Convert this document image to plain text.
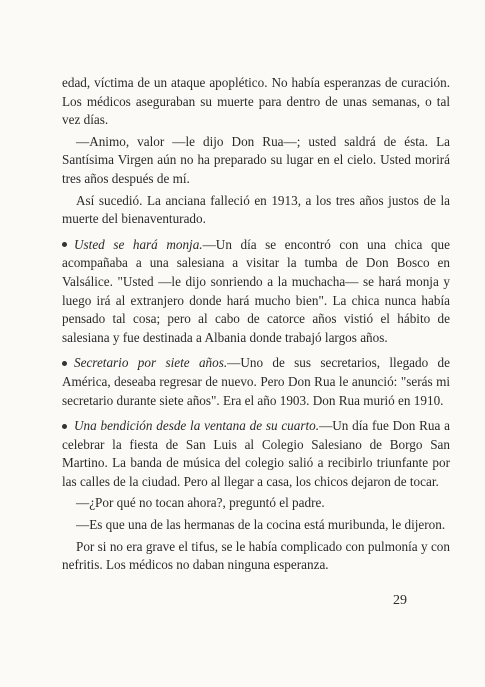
edad, víctima de un ataque apoplético. No había esperanzas de curación. Los médicos aseguraban su muerte para dentro de unas semanas, o tal vez días.

—Animo, valor —le dijo Don Rua—; usted saldrá de ésta. La Santísima Virgen aún no ha preparado su lugar en el cielo. Usted morirá tres años después de mí.

Así sucedió. La anciana falleció en 1913, a los tres años justos de la muerte del bienaventurado.

Usted se hará monja.—Un día se encontró con una chica que acompañaba a una salesiana a visitar la tumba de Don Bosco en Valsálice. "Usted —le dijo sonriendo a la muchacha— se hará monja y luego irá al extranjero donde hará mucho bien". La chica nunca había pensado tal cosa; pero al cabo de catorce años vistió el hábito de salesiana y fue destinada a Albania donde trabajó largos años.

Secretario por siete años.—Uno de sus secretarios, llegado de América, deseaba regresar de nuevo. Pero Don Rua le anunció: "serás mi secretario durante siete años". Era el año 1903. Don Rua murió en 1910.

Una bendición desde la ventana de su cuarto.—Un día fue Don Rua a celebrar la fiesta de San Luis al Colegio Salesiano de Borgo San Martino. La banda de música del colegio salió a recibirlo triunfante por las calles de la ciudad. Pero al llegar a casa, los chicos dejaron de tocar.

—¿Por qué no tocan ahora?, preguntó el padre.

—Es que una de las hermanas de la cocina está muribunda, le dijeron.

Por si no era grave el tifus, se le había complicado con pulmonía y con nefritis. Los médicos no daban ninguna esperanza.

29
